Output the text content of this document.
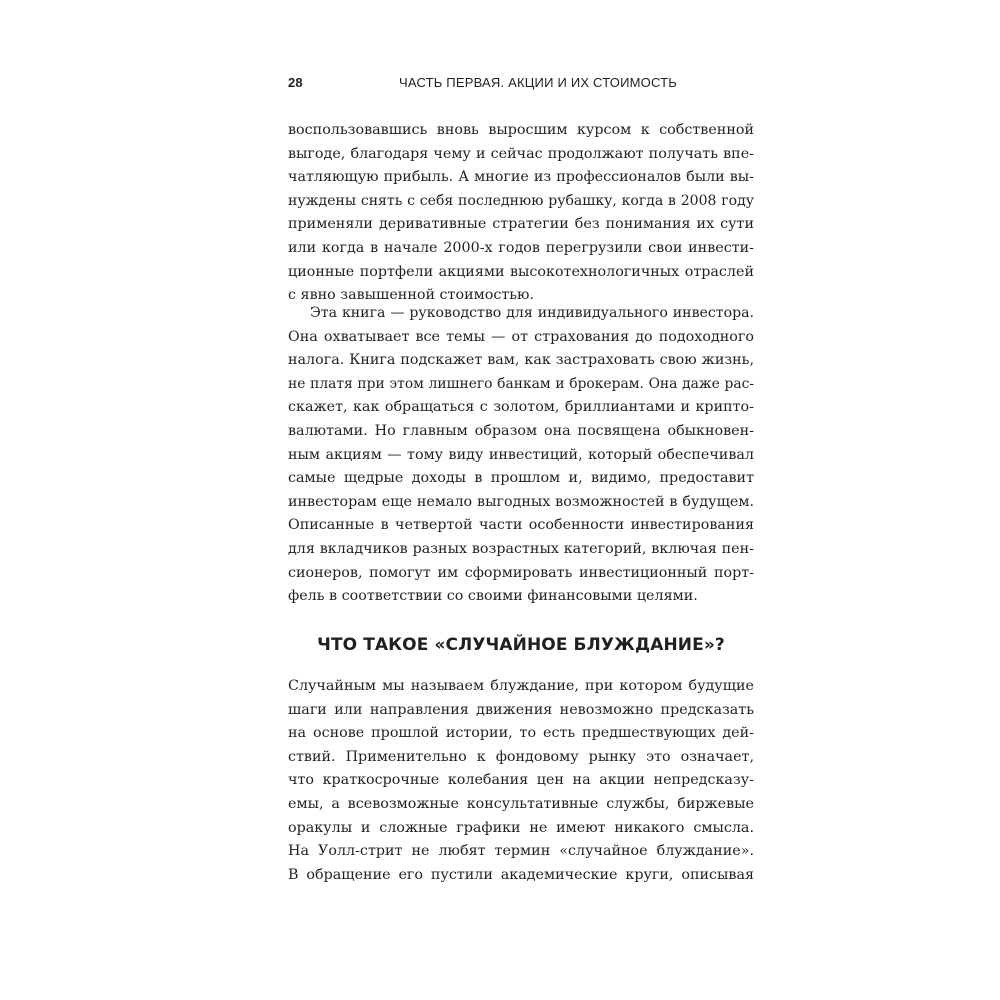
28	ЧАСТЬ ПЕРВАЯ. АКЦИИ И ИХ СТОИМОСТЬ
воспользовавшись вновь выросшим курсом к собственной
выгоде, благодаря чему и сейчас продолжают получать впе-
чатляющую прибыль. А многие из профессионалов были вы-
нуждены снять с себя последнюю рубашку, когда в 2008 году
применяли деривативные стратегии без понимания их сути
или когда в начале 2000-х годов перегрузили свои инвести-
ционные портфели акциями высокотехнологичных отраслей
с явно завышенной стоимостью.
Эта книга — руководство для индивидуального инвестора.
Она охватывает все темы — от страхования до подоходного
налога. Книга подскажет вам, как застраховать свою жизнь,
не платя при этом лишнего банкам и брокерам. Она даже рас-
скажет, как обращаться с золотом, бриллиантами и крипто-
валютами. Но главным образом она посвящена обыкновен-
ным акциям — тому виду инвестиций, который обеспечивал
самые щедрые доходы в прошлом и, видимо, предоставит
инвесторам еще немало выгодных возможностей в будущем.
Описанные в четвертой части особенности инвестирования
для вкладчиков разных возрастных категорий, включая пен-
сионеров, помогут им сформировать инвестиционный порт-
фель в соответствии со своими финансовыми целями.
ЧТО ТАКОЕ «СЛУЧАЙНОЕ БЛУЖДАНИЕ»?
Случайным мы называем блуждание, при котором будущие
шаги или направления движения невозможно предсказать
на основе прошлой истории, то есть предшествующих дей-
ствий. Применительно к фондовому рынку это означает,
что краткосрочные колебания цен на акции непредсказу-
емы, а всевозможные консультативные службы, биржевые
оракулы и сложные графики не имеют никакого смысла.
На Уолл-стрит не любят термин «случайное блуждание».
В обращение его пустили академические круги, описывая
